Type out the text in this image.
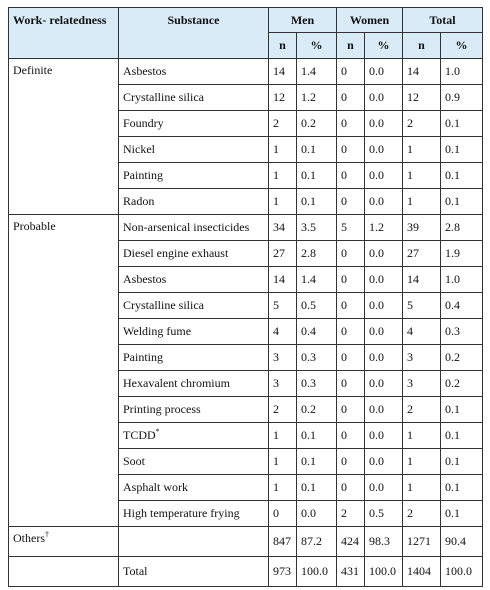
Work- relatedness	Substance	Men		Women		Total	
		n	%	n	%	n	%
Definite	Asbestos	14	1.4	0	0.0	14	1.0
	Crystalline silica	12	1.2	0	0.0	12	0.9
	Foundry	2	0.2	0	0.0	2	0.1
	Nickel	1	0.1	0	0.0	1	0.1
	Painting	1	0.1	0	0.0	1	0.1
	Radon	1	0.1	0	0.0	1	0.1
Probable	Non-arsenical insecticides	34	3.5	5	1.2	39	2.8
	Diesel engine exhaust	27	2.8	0	0.0	27	1.9
	Asbestos	14	1.4	0	0.0	14	1.0
	Crystalline silica	5	0.5	0	0.0	5	0.4
	Welding fume	4	0.4	0	0.0	4	0.3
	Painting	3	0.3	0	0.0	3	0.2
	Hexavalent chromium	3	0.3	0	0.0	3	0.2
	Printing process	2	0.2	0	0.0	2	0.1
	TCDD*	1	0.1	0	0.0	1	0.1
	Soot	1	0.1	0	0.0	1	0.1
	Asphalt work	1	0.1	0	0.0	1	0.1
	High temperature frying	0	0.0	2	0.5	2	0.1
Others†		847	87.2	424	98.3	1271	90.4
	Total	973	100.0	431	100.0	1404	100.0
